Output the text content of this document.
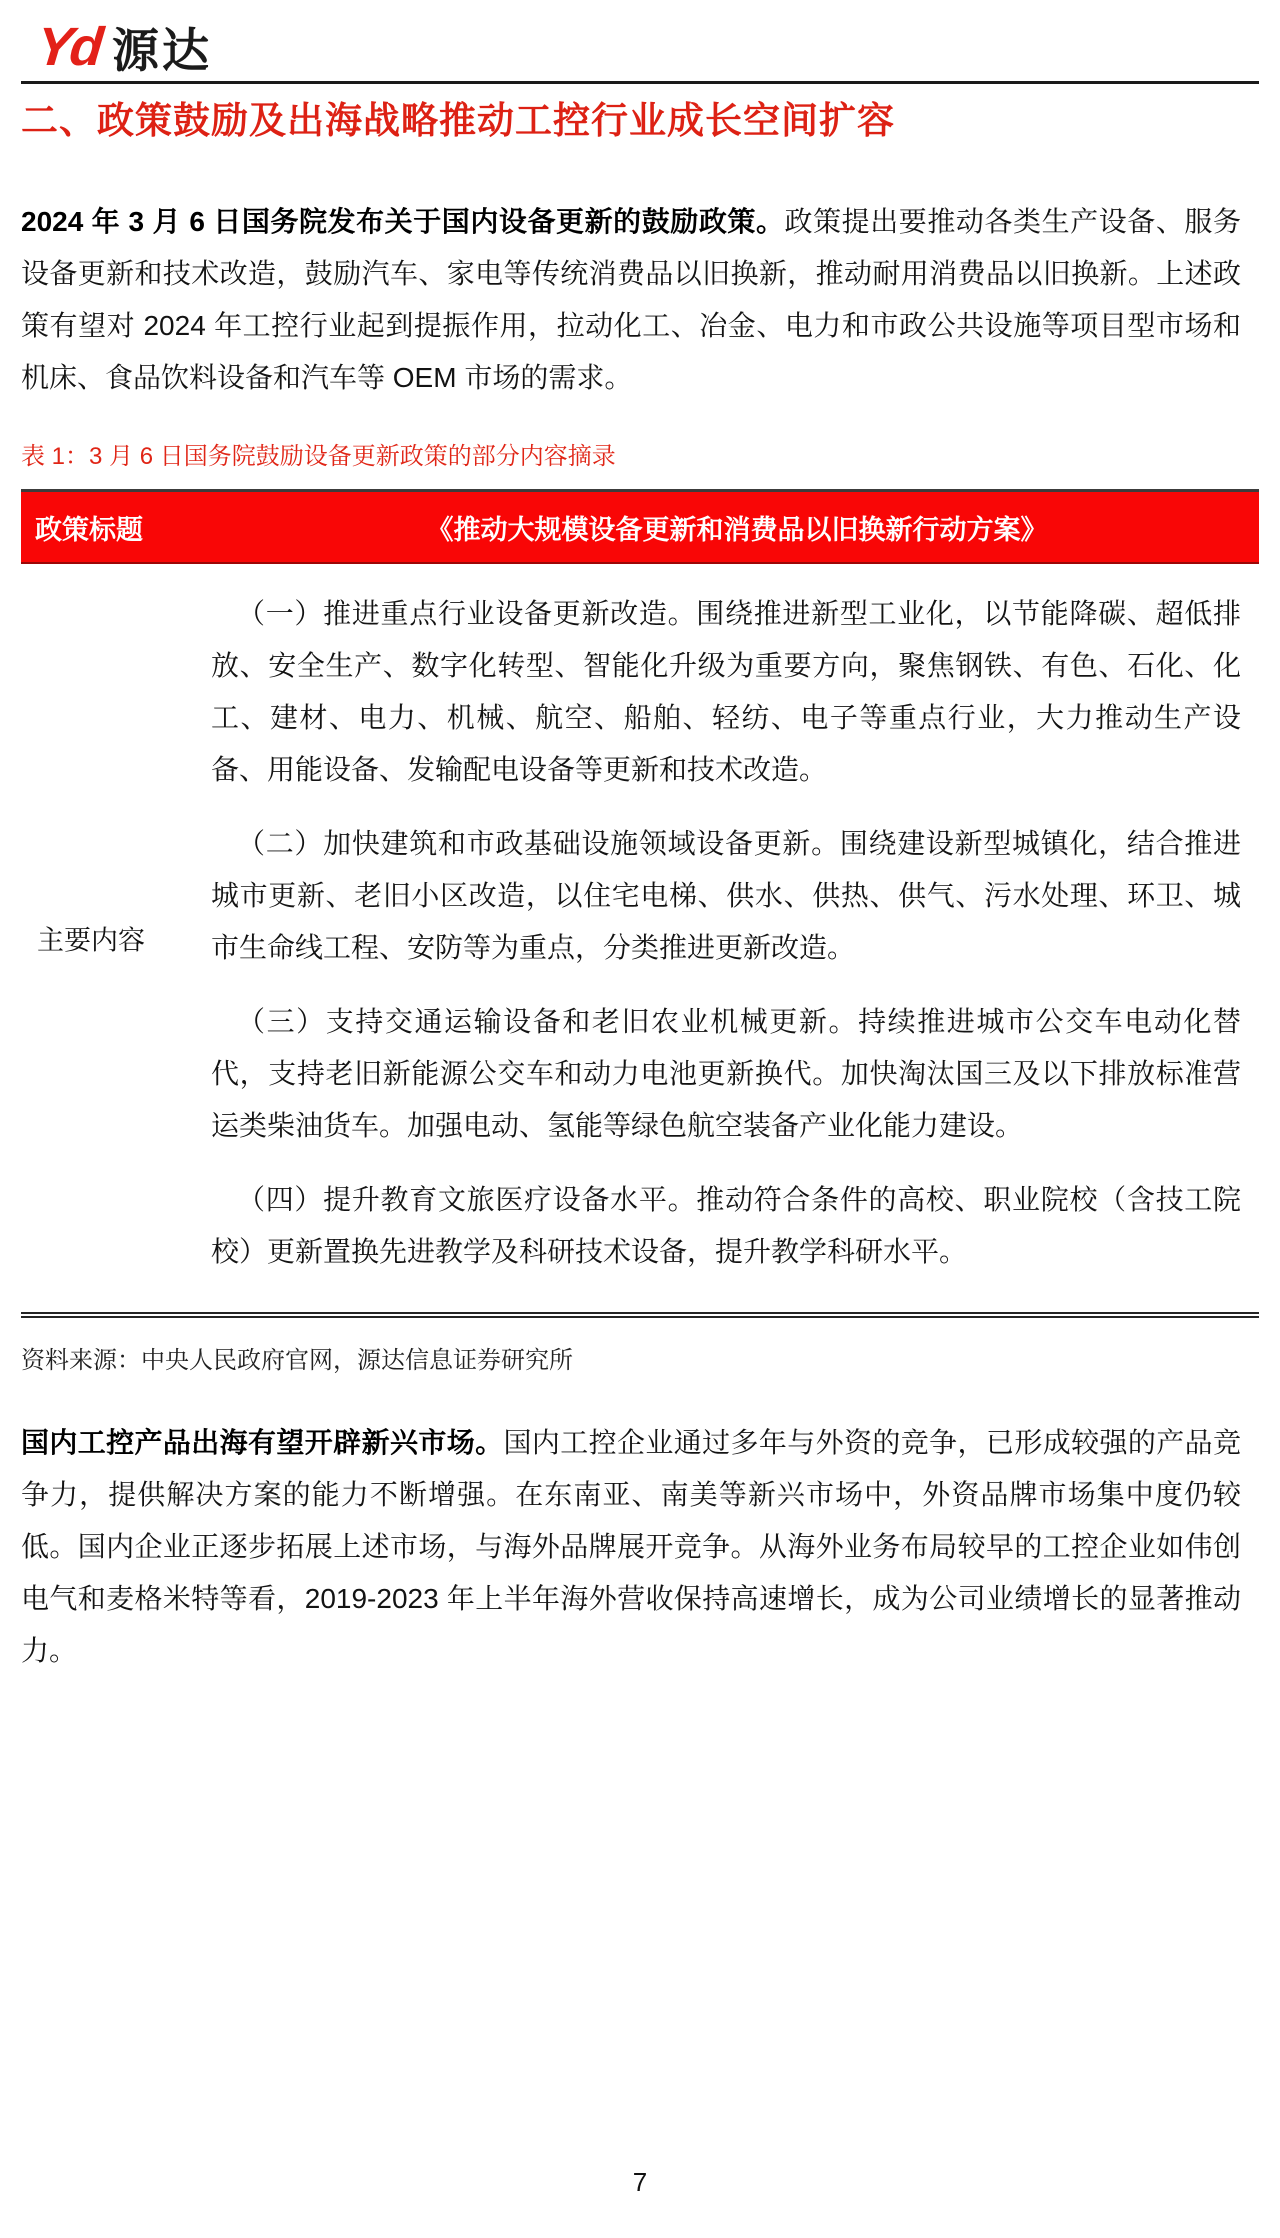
Yd 源达
二、政策鼓励及出海战略推动工控行业成长空间扩容

2024 年 3 月 6 日国务院发布关于国内设备更新的鼓励政策。政策提出要推动各类生产设备、服务设备更新和技术改造，鼓励汽车、家电等传统消费品以旧换新，推动耐用消费品以旧换新。上述政策有望对 2024 年工控行业起到提振作用，拉动化工、冶金、电力和市政公共设施等项目型市场和机床、食品饮料设备和汽车等 OEM 市场的需求。

表 1：3 月 6 日国务院鼓励设备更新政策的部分内容摘录
政策标题	《推动大规模设备更新和消费品以旧换新行动方案》
主要内容

（一）推进重点行业设备更新改造。围绕推进新型工业化，以节能降碳、超低排放、安全生产、数字化转型、智能化升级为重要方向，聚焦钢铁、有色、石化、化工、建材、电力、机械、航空、船舶、轻纺、电子等重点行业，大力推动生产设备、用能设备、发输配电设备等更新和技术改造。

（二）加快建筑和市政基础设施领域设备更新。围绕建设新型城镇化，结合推进城市更新、老旧小区改造，以住宅电梯、供水、供热、供气、污水处理、环卫、城市生命线工程、安防等为重点，分类推进更新改造。

（三）支持交通运输设备和老旧农业机械更新。持续推进城市公交车电动化替代，支持老旧新能源公交车和动力电池更新换代。加快淘汰国三及以下排放标准营运类柴油货车。加强电动、氢能等绿色航空装备产业化能力建设。

（四）提升教育文旅医疗设备水平。推动符合条件的高校、职业院校（含技工院校）更新置换先进教学及科研技术设备，提升教学科研水平。

资料来源：中央人民政府官网，源达信息证券研究所

国内工控产品出海有望开辟新兴市场。国内工控企业通过多年与外资的竞争，已形成较强的产品竞争力，提供解决方案的能力不断增强。在东南亚、南美等新兴市场中，外资品牌市场集中度仍较低。国内企业正逐步拓展上述市场，与海外品牌展开竞争。从海外业务布局较早的工控企业如伟创电气和麦格米特等看，2019-2023 年上半年海外营收保持高速增长，成为公司业绩增长的显著推动力。

7
